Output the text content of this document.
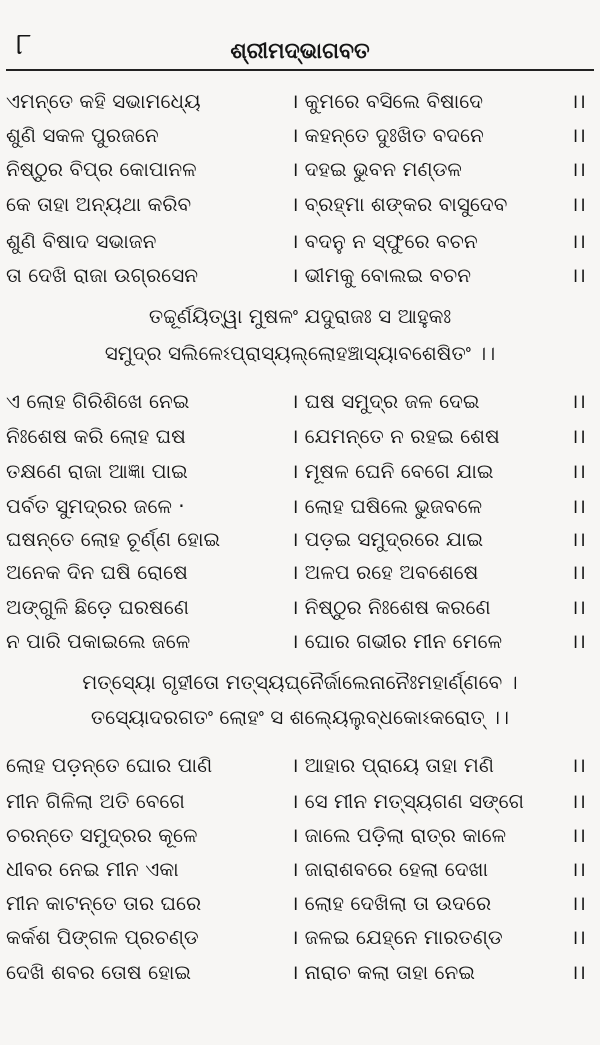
୮	ଶ୍ରୀମଦ୍ଭାଗବତ
ଏମନ୍ତେ କହି ସଭାମଧ୍ୟେ	। କୁମରେ ବସିଲେ ବିଷାଦେ	।।
ଶୁଣି ସକଳ ପୁରଜନେ	। କହନ୍ତେ ଦୁଃଖିତ ବଦନେ	।।
ନିଷ୍ଠୁର ବିପ୍ର କୋପାନଳ	। ଦହଇ ଭୁବନ ମଣ୍ଡଳ	।।
କେ ତାହା ଅନ୍ୟଥା କରିବ	। ବ୍ରହ୍ମା ଶଙ୍କର ବାସୁଦେବ	।।
ଶୁଣି ବିଷାଦ ସଭାଜନ	। ବଦନୁ ନ ସ୍ଫୁରେ ବଚନ	।।
ତା ଦେଖି ରାଜା ଉଗ୍ରସେନ	। ଭୀମକୁ ବୋଲଇ ବଚନ	।।
ତଚ୍ଚୂର୍ଣୟିତ୍ୱା ମୁଷଳଂ ଯଦୁରାଜଃ ସ ଆହୁକଃ
ସମୁଦ୍ର ସଲିଳେଽପ୍ରାସ୍ୟଲ୍ଲୋହଞ୍ଚାସ୍ୟାବଶେଷିତଂ ।।
ଏ ଲୋହ ଗିରିଶିଖେ ନେଇ	। ଘଷ ସମୁଦ୍ର ଜଳ ଦେଇ	।।
ନିଃଶେଷ କରି ଲୋହ ଘଷ	। ଯେମନ୍ତେ ନ ରହଇ ଶେଷ	।।
ତକ୍ଷଣେ ରାଜା ଆଜ୍ଞା ପାଇ	। ମୂଷଳ ଘେନି ବେଗେ ଯାଇ	।।
ପର୍ବତ ସୁମଦ୍ରର ଜଳେ ·	। ଲୋହ ଘଷିଲେ ଭୁଜବଳେ	।।
ଘଷନ୍ତେ ଲୋହ ଚୂର୍ଣ୍ଣ ହୋଇ	। ପଡ଼ଇ ସମୁଦ୍ରରେ ଯାଇ	।।
ଅନେକ ଦିନ ଘଷି ରୋଷେ	। ଅଳପ ରହେ ଅବଶେଷେ	।।
ଅଙ୍ଗୁଳି ଛିଡ଼େ ଘରଷଣେ	। ନିଷ୍ଠୁର ନିଃଶେଷ କରଣେ	।।
ନ ପାରି ପକାଇଲେ ଜଳେ	। ଘୋର ଗଭୀର ମୀନ ମେଳେ	।।
ମତ୍ସ୍ୟୋ ଗୃହୀତୋ ମତ୍ସ୍ୟଘ୍ନୈର୍ଜାଲେନାନୈଃମହାର୍ଣ୍ଣବେ ।
ତସ୍ୟୋଦରଗତଂ ଲୋହଂ ସ ଶଲ୍ୟେଲୁବ୍ଧକୋଽକରୋତ୍ ।।
ଲୋହ ପଡ଼ନ୍ତେ ଘୋର ପାଣି	। ଆହାର ପ୍ରାୟେ ତାହା ମଣି	।।
ମୀନ ଗିଳିଲା ଅତି ବେଗେ	। ସେ ମୀନ ମତ୍ସ୍ୟଗଣ ସଙ୍ଗେ	।।
ଚରନ୍ତେ ସମୁଦ୍ରର କୂଳେ	। ଜାଲେ ପଡ଼ିଲା ରାତ୍ର କାଳେ	।।
ଧୀବର ନେଇ ମୀନ ଏକା	। ଜାରାଶବରେ ହେଲା ଦେଖା	।।
ମୀନ କାଟନ୍ତେ ତାର ଘରେ	। ଲୋହ ଦେଖିଲା ତା ଉଦରେ	।।
କର୍କଶ ପିଙ୍ଗଳ ପ୍ରଚଣ୍ଡ	। ଜଳଇ ଯେହ୍ନେ ମାରତଣ୍ଡ	।।
ଦେଖି ଶବର ତୋଷ ହୋଇ	। ନାରାଚ କଲା ତାହା ନେଇ	।।
